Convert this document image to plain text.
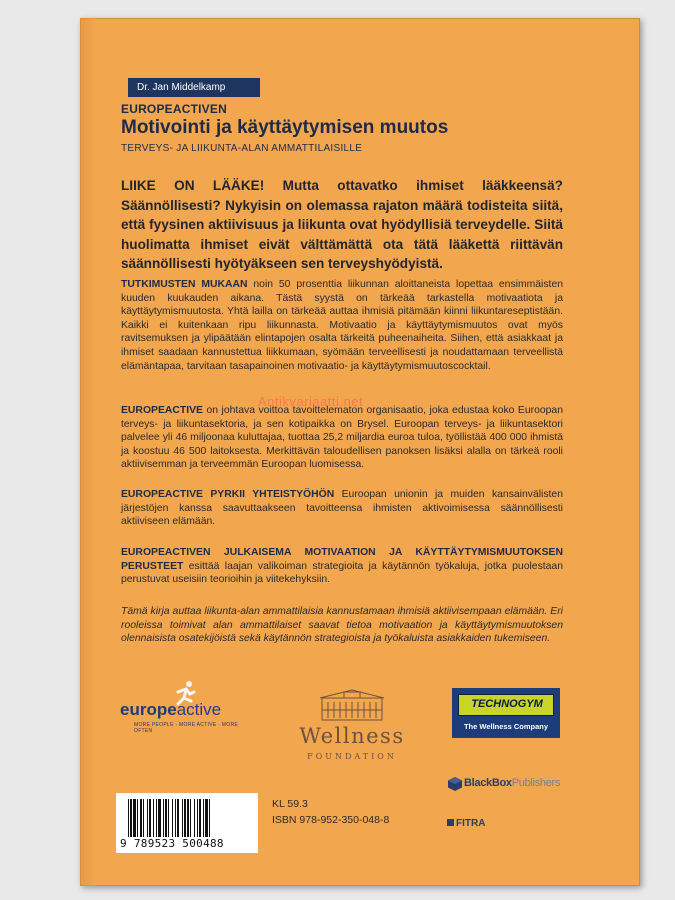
Dr. Jan Middelkamp
EUROPEACTIVEN
Motivointi ja käyttäytymisen muutos
TERVEYS- JA LIIKUNTA-ALAN AMMATTILAISILLE
LIIKE ON LÄÄKE! Mutta ottavatko ihmiset lääkkeensä? Säännöllisesti? Nykyisin on olemassa rajaton määrä todisteita siitä, että fyysinen aktiivisuus ja liikunta ovat hyödyllisiä terveydelle. Siitä huolimatta ihmiset eivät välttämättä ota tätä lääkettä riittävän säännöllisesti hyötyäkseen sen terveyshyödyistä.
TUTKIMUSTEN MUKAAN noin 50 prosenttia liikunnan aloittaneista lopettaa ensimmäisten kuuden kuukauden aikana. Tästä syystä on tärkeää tarkastella motivaatiota ja käyttäytymismuutosta. Yhtä lailla on tärkeää auttaa ihmisiä pitämään kiinni liikuntareseptistään. Kaikki ei kuitenkaan ripu liikunnasta. Motivaatio ja käyttäytymismuutos ovat myös ravitsemuksen ja ylipäätään elintapojen osalta tärkeitä puheenaiheita. Siihen, että asiakkaat ja ihmiset saadaan kannustettua liikkumaan, syömään terveellisesti ja noudattamaan terveellistä elämäntapaa, tarvitaan tasapainoinen motivaatio- ja käyttäytymismuutoscocktail.
EUROPEACTIVE on johtava voittoa tavoittelematon organisaatio, joka edustaa koko Euroopan terveys- ja liikuntasektoria, ja sen kotipaikka on Brysel. Euroopan terveys- ja liikuntasektori palvelee yli 46 miljoonaa kuluttajaa, tuottaa 25,2 miljardia euroa tuloa, työllistää 400 000 ihmistä ja koostuu 46 500 laitoksesta. Merkittävän taloudellisen panoksen lisäksi alalla on tärkeä rooli aktiivisemman ja terveemmän Euroopan luomisessa.
EUROPEACTIVE PYRKII YHTEISTYÖHÖN Euroopan unionin ja muiden kansainvälisten järjestöjen kanssa saavuttaakseen tavoitteensa ihmisten aktivoimisessa säännöllisesti aktiiviseen elämään.
EUROPEACTIVEN JULKAISEMA MOTIVAATION JA KÄYTTÄYTYMISMUUTOKSEN PERUSTEET esittää laajan valikoiman strategioita ja käytännön työkaluja, jotka puolestaan perustuvat useisiin teorioihin ja viitekehyksiin.
Tämä kirja auttaa liikunta-alan ammattilaisia kannustamaan ihmisiä aktiivisempaan elämään. Eri rooleissa toimivat alan ammattilaiset saavat tietoa motivaation ja käyttäytymismuutoksen olennaisista osatekijöistä sekä käytännön strategioista ja työkaluista asiakkaiden tukemiseen.
Antikvariaatti.net
europeactive
MORE PEOPLE · MORE ACTIVE · MORE OFTEN	Wellness
FOUNDATION
TECHNOGYM
The Wellness Company
BlackBoxPublishers
FITRA
9 789523 500488
KL 59.3
ISBN 978-952-350-048-8
